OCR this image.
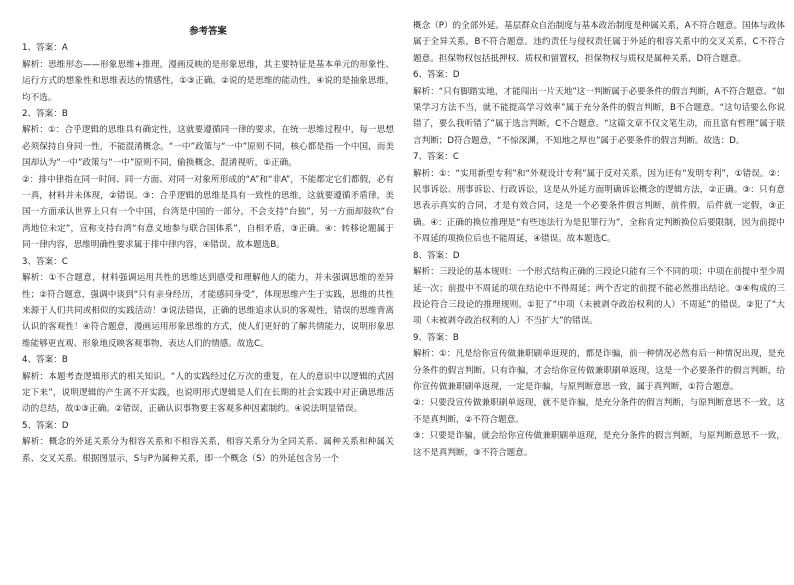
参考答案

1、答案：A

解析：思维形态——形象思维+推理。漫画反映的是形象思维，其主要特征是基本单元的形象性、运行方式的想象性和思维表达的情感性，①③正确。②说的是思维的能动性，④说的是抽象思维，均不选。

2、答案：B

解析：①：合乎逻辑的思维具有确定性，这就要遵循同一律的要求，在统一思维过程中，每一思想必须保持自身同一性，不能混淆概念。“一中”政策与“一中”原则不同，核心都是指一个中国，而美国却认为“一中”政策与“一中”原则不同，偷换概念，混淆视听，①正确。

②：排中律指在同一时间、同一方面、对同一对象所形成的“A”和“非A”，不能都定它们都假，必有一真，材料并未体现，②错误。③：合乎逻辑的思维是具有一致性的思维，这就要遵循矛盾律，美国一方面承认世界上只有一个中国，台湾是中国的一部分，不会支持“台独”，另一方面却鼓吹“台湾地位未定”，宣称支持台湾“有意义地参与联合国体系”，自相矛盾，③正确。④：转移论题属于同一律内容，思维明确性要求属于排中律内容，④错误。故本题选B。

3、答案：C

解析：①不合题意，材料强调运用共性的思维达到感受和理解他人的能力，并未强调思维的差异性；②符合题意，强调中谈到“只有亲身经历，才能感同身受”，体现思维产生于实践，思维的共性来源于人们共同或相似的实践活动！③说法错误，正确的思维追求认识的客观性，错误的思维背离认识的客观性！④符合题意，漫画运用形象思维的方式，使人们更好的了解共情能力，说明形象思维能够更直观、形象地反映客观事物，表达人们的情感。故选C。

4、答案：B

解析：本题考查逻辑形式的相关知识。“人的实践经过亿万次的重复，在人的意识中以逻辑的式固定下来”，说明逻辑的产生离不开实践，也说明形式逻辑是人们在长期的社会实践中对正确思维活动的总结，故①③正确。②错误，正确认识事物要主客观多种因素制约。④说法明显错误。

5、答案：D

解析：概念的外延关系分为相容关系和不相容关系，相容关系分为全同关系、属种关系和种属关系、交叉关系。根据图显示，S与P为属种关系，即一个概念（S）的外延包含另一个

概念（P）的全部外延。基层群众自治制度与基本政治制度是种属关系，A不符合题意。国体与政体属于全异关系，B不符合题意。违约责任与侵权责任属于外延的相容关系中的交叉关系，C不符合题意。担保物权包括抵押权、质权和留置权，担保物权与质权是属种关系，D符合题意。

6、答案：D

解析：“只有脚踏实地，才能闯出一片天地”这一判断属于必要条件的假言判断，A不符合题意。“如果学习方法不当，就不能提高学习效率”属于充分条件的假言判断，B不合题意。“这句话要么你说错了，要么我听错了”属于选言判断，C不合题意。“这篇文章不仅文笔生动，而且富有哲理”属于联言判断；D符合题意，“不惊深渊，不知地之厚也”属于必要条件的假言判断。故选：D。

7、答案：C

解析：①：“实用新型专利”和“外观设计专利”属于反对关系，因为还有“发明专利”，①错误。②：民事诉讼、刑事诉讼、行政诉讼，这是从外延方面明确诉讼概念的逻辑方法，②正确。③：只有意思表示真实的合同，才是有效合同，这是一个必要条件假言判断，前件假，后件就一定假，③正确。④：正确的换位推理是“有些违法行为是犯罪行为”，全称肯定判断换位后要限制，因为前提中不周延的项换位后也不能周延，④错误。故本题选C。

8、答案：D

解析：三段论的基本规则：一个形式结构正确的三段论只能有三个不同的项；中项在前提中至少周延一次；前提中不周延的项在结论中不得周延；两个否定的前提不能必然推出结论。③④构成的三段论符合三段论的推理规则。①犯了“中项（未被剥夺政治权利的人）不周延”的错误。②犯了“大项（未被剥夺政治权利的人）不当扩大”的错误。

9、答案：B

解析：①：凡是给你宣传做兼职刷单返现的，都是诈骗，前一种情况必然有后一种情况出现，是充分条件的假言判断。只有诈骗，才会给你宣传做兼职刷单返现，这是一个必要条件的假言判断，给你宣传做兼职刷单返现，一定是诈骗，与原判断意思一致，属于真判断，①符合题意。

②：只要没宣传做兼职刷单返现，就不是诈骗，是充分条件的假言判断，与原判断意思不一致，这不是真判断，②不符合题意。

③：只要是诈骗，就会给你宣传做兼职刷单返现，是充分条件的假言判断，与原判断意思不一致，这不是真判断，③不符合题意。
